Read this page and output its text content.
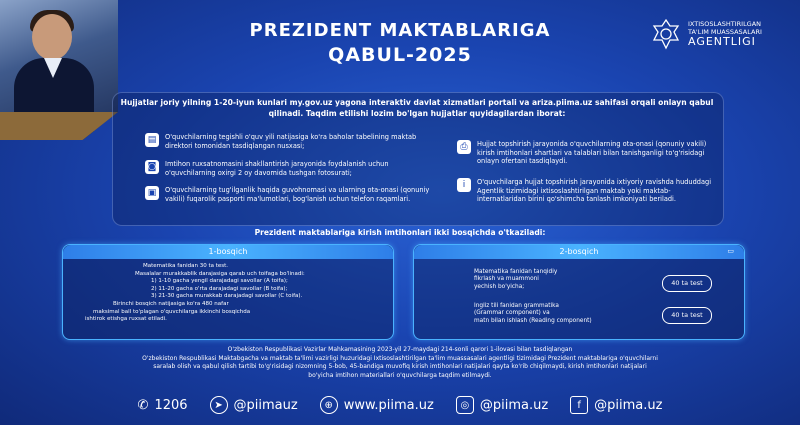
PREZIDENT MAKTABLARIGA
QABUL-2025
IXTISOSLASHTIRILGAN
TA'LIM MUASSASALARI
AGENTLIGI
Hujjatlar joriy yilning 1-20-iyun kunlari my.gov.uz yagona interaktiv davlat xizmatlari portali va ariza.piima.uz sahifasi orqali onlayn qabul qilinadi. Taqdim etilishi lozim bo'lgan hujjatlar quyidagilardan iborat:
▤	O'quvchilarning tegishli o'quv yili natijasiga ko'ra baholar tabelining maktab direktori tomonidan tasdiqlangan nusxasi;
◙	Imtihon ruxsatnomasini shakllantirish jarayonida foydalanish uchun o'quvchilarning oxirgi 2 oy davomida tushgan fotosurati;
▣	O'quvchilarning tug'ilganlik haqida guvohnomasi va ularning ota-onasi (qonuniy vakili) fuqarolik pasporti ma'lumotlari, bog'lanish uchun telefon raqamlari.
⎙	Hujjat topshirish jarayonida o'quvchilarning ota-onasi (qonuniy vakili) kirish imtihonlari shartlari va talablari bilan tanishganligi to'g'risidagi onlayn ofertani tasdiqlaydi.
i	O'quvchilarga hujjat topshirish jarayonida ixtiyoriy ravishda hududdagi Agentlik tizimidagi ixtisoslashtirilgan maktab yoki maktab-internatlaridan birini qo'shimcha tanlash imkoniyati beriladi.
Prezident maktablariga kirish imtihonlari ikki bosqichda o'tkaziladi:
1-bosqich
Matematika fanidan 30 ta test.
Masalalar murakkablik darajasiga qarab uch toifaga bo'linadi:
1) 1-10 gacha yengil darajadagi savollar (A toifa);
2) 11-20 gacha o'rta darajadagi savollar (B toifa);
3) 21-30 gacha murakkab darajadagi savollar (C toifa).
Birinchi bosqich natijasiga ko'ra 480 nafar
maksimal ball to'plagan o'quvchilarga ikkinchi bosqichda
ishtirok etishga ruxsat etiladi.
2-bosqich	▭
Matematika fanidan tanqidiy
fikrlash va muammoni
yechish bo'yicha;	40 ta test
Ingliz tili fanidan grammatika
(Grammar component) va
matn bilan ishlash (Reading component)
40 ta test
O'zbekiston Respublikasi Vazirlar Mahkamasining 2023-yil 27-maydagi 214-sonli qarori 1-ilovasi bilan tasdiqlangan
O'zbekiston Respublikasi Maktabgacha va maktab ta'limi vazirligi huzuridagi Ixtisoslashtirilgan ta'lim muassasalari agentligi tizimidagi Prezident maktablariga o'quvchilarni
saralab olish va qabul qilish tartibi to'g'risidagi nizomning 5-bob, 45-bandiga muvofiq kirish imtihonlari natijalari qayta ko'rib chiqilmaydi, kirish imtihonlari natijalari
bo'yicha imtihon materiallari o'quvchilarga taqdim etilmaydi.
✆ 1206	➤ @piimauz	⊕ www.piima.uz	◎ @piima.uz	f	@piima.uz
